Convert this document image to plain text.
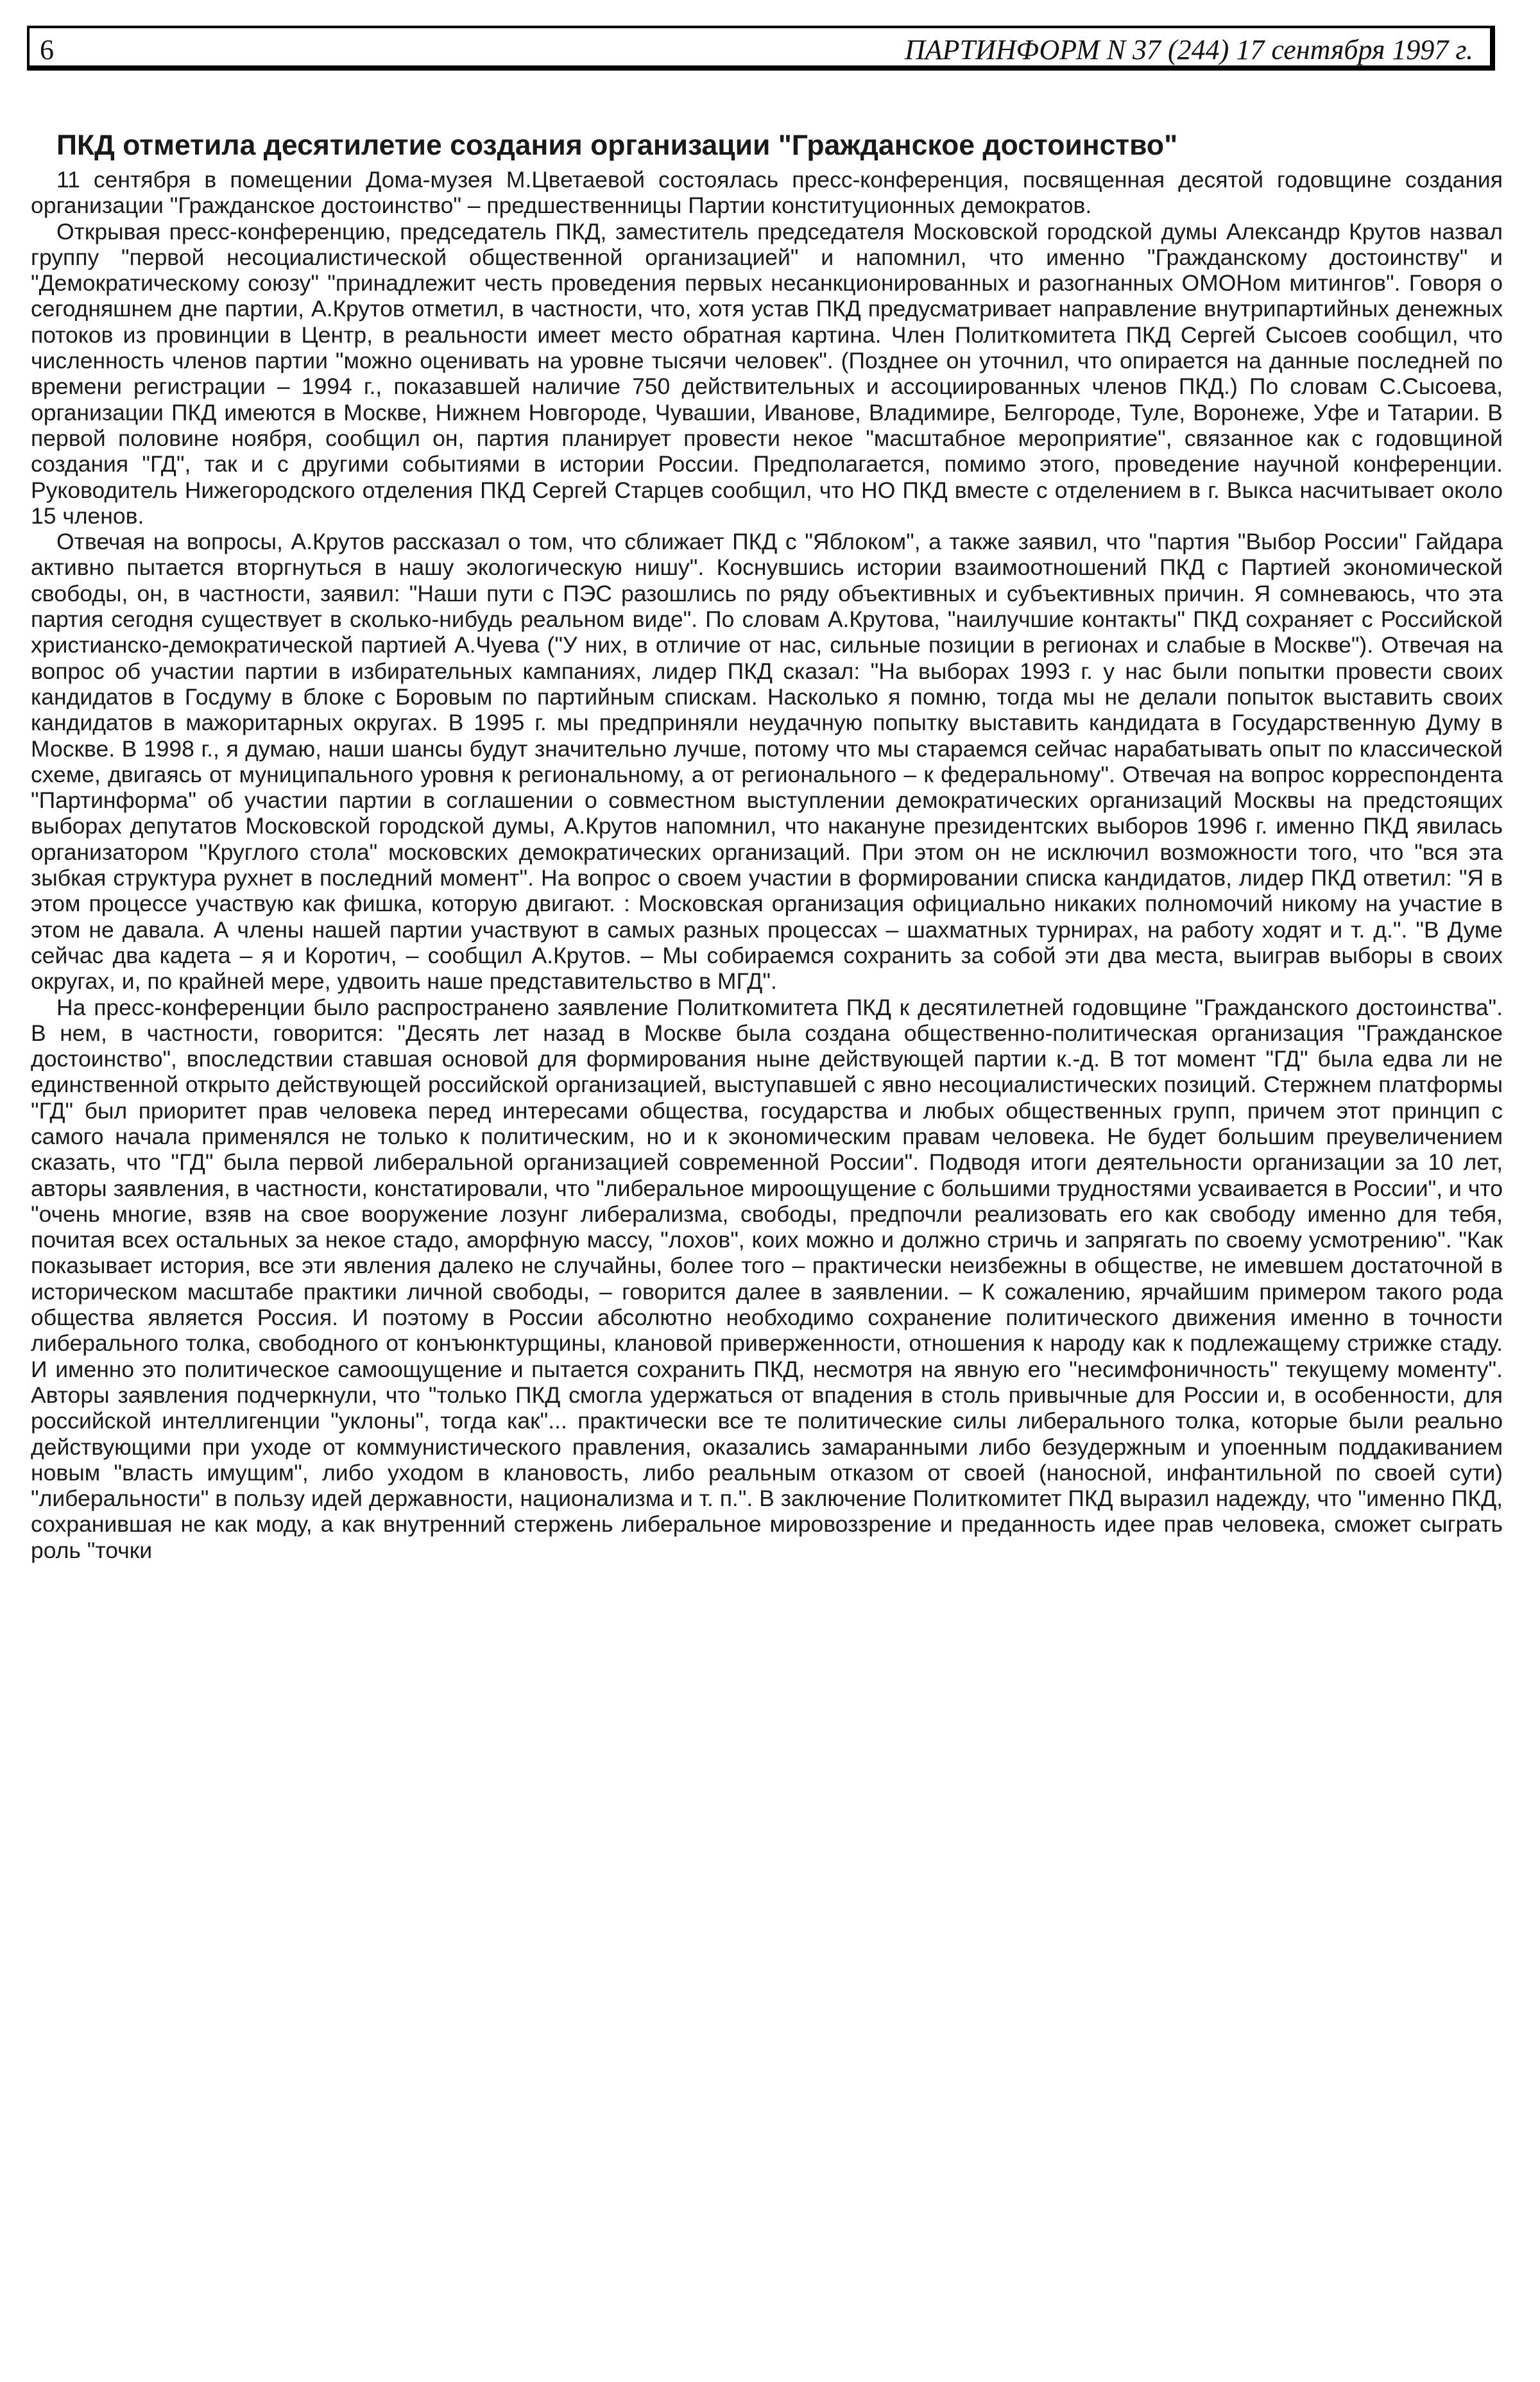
6	ПАРТИНФОРМ N 37 (244) 17 сентября 1997 г.
ПКД отметила десятилетие создания организации "Гражданское достоинство"

11 сентября в помещении Дома-музея М.Цветаевой состоялась пресс-конференция, посвященная десятой годовщине создания организации "Гражданское достоинство" – предшественницы Партии конституционных демократов.

Открывая пресс-конференцию, председатель ПКД, заместитель председателя Московской городской думы Александр Крутов назвал группу "первой несоциалистической общественной организацией" и напомнил, что именно "Гражданскому достоинству" и "Демократическому союзу" "принадлежит честь проведения первых несанкционированных и разогнанных ОМОНом митингов". Говоря о сегодняшнем дне партии, А.Крутов отметил, в частности, что, хотя устав ПКД предусматривает направление внутрипартийных денежных потоков из провинции в Центр, в реальности имеет место обратная картина. Член Политкомитета ПКД Сергей Сысоев сообщил, что численность членов партии "можно оценивать на уровне тысячи человек". (Позднее он уточнил, что опирается на данные последней по времени регистрации – 1994 г., показавшей наличие 750 действительных и ассоциированных членов ПКД.) По словам С.Сысоева, организации ПКД имеются в Москве, Нижнем Новгороде, Чувашии, Иванове, Владимире, Белгороде, Туле, Воронеже, Уфе и Татарии. В первой половине ноября, сообщил он, партия планирует провести некое "масштабное мероприятие", связанное как с годовщиной создания "ГД", так и с другими событиями в истории России. Предполагается, помимо этого, проведение научной конференции. Руководитель Нижегородского отделения ПКД Сергей Старцев сообщил, что НО ПКД вместе с отделением в г. Выкса насчитывает около 15 членов.

Отвечая на вопросы, А.Крутов рассказал о том, что сближает ПКД с "Яблоком", а также заявил, что "партия "Выбор России" Гайдара активно пытается вторгнуться в нашу экологическую нишу". Коснувшись истории взаимоотношений ПКД с Партией экономической свободы, он, в частности, заявил: "Наши пути с ПЭС разошлись по ряду объективных и субъективных причин. Я сомневаюсь, что эта партия сегодня существует в сколько-нибудь реальном виде". По словам А.Крутова, "наилучшие контакты" ПКД сохраняет с Российской христианско-демократической партией А.Чуева ("У них, в отличие от нас, сильные позиции в регионах и слабые в Москве"). Отвечая на вопрос об участии партии в избирательных кампаниях, лидер ПКД сказал: "На выборах 1993 г. у нас были попытки провести своих кандидатов в Госдуму в блоке с Боровым по партийным спискам. Насколько я помню, тогда мы не делали попыток выставить своих кандидатов в мажоритарных округах. В 1995 г. мы предприняли неудачную попытку выставить кандидата в Государственную Думу в Москве. В 1998 г., я думаю, наши шансы будут значительно лучше, потому что мы стараемся сейчас нарабатывать опыт по классической схеме, двигаясь от муниципального уровня к региональному, а от регионального – к федеральному". Отвечая на вопрос корреспондента "Партинформа" об участии партии в соглашении о совместном выступлении демократических организаций Москвы на предстоящих выборах депутатов Московской городской думы, А.Крутов напомнил, что накануне президентских выборов 1996 г. именно ПКД явилась организатором "Круглого стола" московских демократических организаций. При этом он не исключил возможности того, что "вся эта зыбкая структура рухнет в последний момент". На вопрос о своем участии в формировании списка кандидатов, лидер ПКД ответил: "Я в этом процессе участвую как фишка, которую двигают. : Московская организация официально никаких полномочий никому на участие в этом не давала. А члены нашей партии участвуют в самых разных процессах – шахматных турнирах, на работу ходят и т. д.". "В Думе сейчас два кадета – я и Коротич, – сообщил А.Крутов. – Мы собираемся сохранить за собой эти два места, выиграв выборы в своих округах, и, по крайней мере, удвоить наше представительство в МГД".

На пресс-конференции было распространено заявление Политкомитета ПКД к десятилетней годовщине "Гражданского достоинства". В нем, в частности, говорится: "Десять лет назад в Москве была создана общественно-политическая организация "Гражданское достоинство", впоследствии ставшая основой для формирования ныне действующей партии к.-д. В тот момент "ГД" была едва ли не единственной открыто действующей российской организацией, выступавшей с явно несоциалистических позиций. Стержнем платформы "ГД" был приоритет прав человека перед интересами общества, государства и любых общественных групп, причем этот принцип с самого начала применялся не только к политическим, но и к экономическим правам человека. Не будет большим преувеличением сказать, что "ГД" была первой либеральной организацией современной России". Подводя итоги деятельности организации за 10 лет, авторы заявления, в частности, констатировали, что "либеральное мироощущение с большими трудностями усваивается в России", и что "очень многие, взяв на свое вооружение лозунг либерализма, свободы, предпочли реализовать его как свободу именно для тебя, почитая всех остальных за некое стадо, аморфную массу, "лохов", коих можно и должно стричь и запрягать по своему усмотрению". "Как показывает история, все эти явления далеко не случайны, более того – практически неизбежны в обществе, не имевшем достаточной в историческом масштабе практики личной свободы, – говорится далее в заявлении. – К сожалению, ярчайшим примером такого рода общества является Россия. И поэтому в России абсолютно необходимо сохранение политического движения именно в точности либерального толка, свободного от конъюнктурщины, клановой приверженности, отношения к народу как к подлежащему стрижке стаду. И именно это политическое самоощущение и пытается сохранить ПКД, несмотря на явную его "несимфоничность" текущему моменту". Авторы заявления подчеркнули, что "только ПКД смогла удержаться от впадения в столь привычные для России и, в особенности, для российской интеллигенции "уклоны", тогда как"... практически все те политические силы либерального толка, которые были реально действующими при уходе от коммунистического правления, оказались замаранными либо безудержным и упоенным поддакиванием новым "власть имущим", либо уходом в клановость, либо реальным отказом от своей (наносной, инфантильной по своей сути) "либеральности" в пользу идей державности, национализма и т. п.". В заключение Политкомитет ПКД выразил надежду, что "именно ПКД, сохранившая не как моду, а как внутренний стержень либеральное мировоззрение и преданность идее прав человека, сможет сыграть роль "точки
